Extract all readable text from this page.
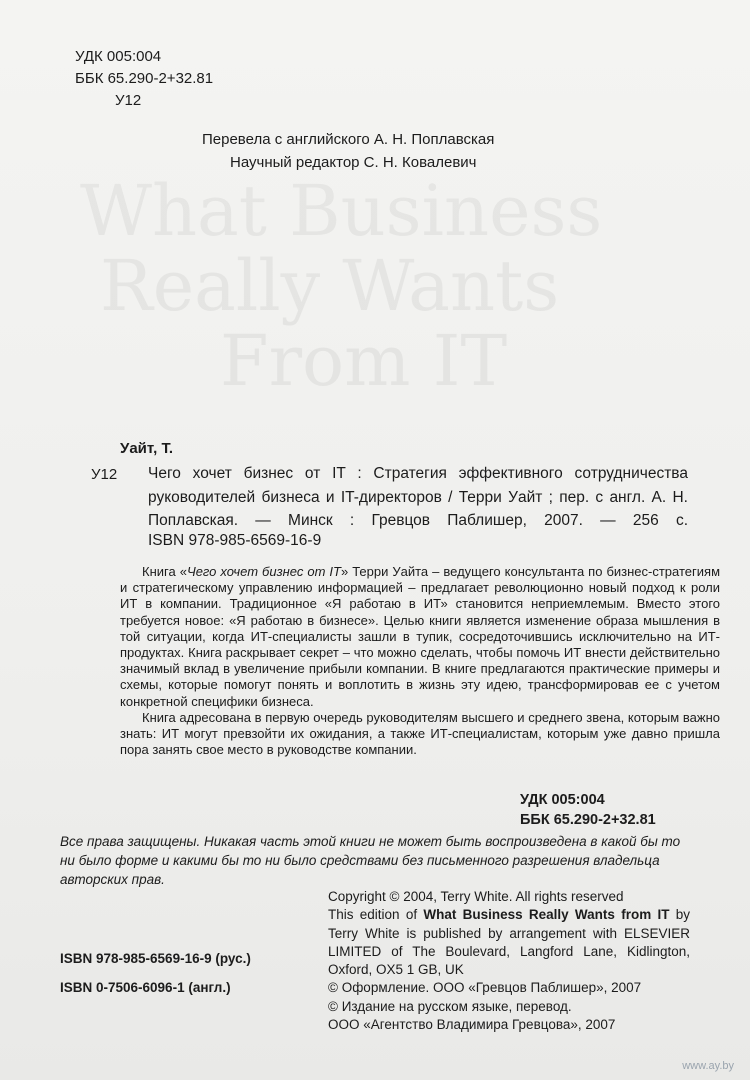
What Business
Really Wants
From IT
УДК 005:004
ББК 65.290-2+32.81
У12
Перевела с английского А. Н. Поплавская
Научный редактор С. Н. Ковалевич
Уайт, Т.
У12 Чего хочет бизнес от IT : Стратегия эффективного сотрудничества руководителей бизнеса и IT-директоров / Терри Уайт ; пер. с англ. А. Н. Поплавская. — Минск : Гревцов Паблишер, 2007. — 256 с.
ISBN 978-985-6569-16-9

Книга «Чего хочет бизнес от IT» Терри Уайта – ведущего консультанта по бизнес-стратегиям и стратегическому управлению информацией – предлагает революционно новый подход к роли ИТ в компании. Традиционное «Я работаю в ИТ» становится неприемлемым. Вместо этого требуется новое: «Я работаю в бизнесе». Целью книги является изменение образа мышления в той ситуации, когда ИТ-специалисты зашли в тупик, сосредоточившись исключительно на ИТ-продуктах. Книга раскрывает секрет – что можно сделать, чтобы помочь ИТ внести действительно значимый вклад в увеличение прибыли компании. В книге предлагаются практические примеры и схемы, которые помогут понять и воплотить в жизнь эту идею, трансформировав ее с учетом конкретной специфики бизнеса.

Книга адресована в первую очередь руководителям высшего и среднего звена, которым важно знать: ИТ могут превзойти их ожидания, а также ИТ-специалистам, которым уже давно пришла пора занять свое место в руководстве компании.

УДК 005:004
ББК 65.290-2+32.81
Все права защищены. Никакая часть этой книги не может быть воспроизведена в какой бы то ни было форме и какими бы то ни было средствами без письменного разрешения владельца авторских прав.
ISBN 978-985-6569-16-9 (рус.)
ISBN 0-7506-6096-1 (англ.)
Copyright © 2004, Terry White. All rights reserved
This edition of What Business Really Wants from IT by Terry White is published by arrangement with ELSEVIER LIMITED of The Boulevard, Langford Lane, Kidlington, Oxford, OX5 1 GB, UK
© Оформление. ООО «Гревцов Паблишер», 2007
© Издание на русском языке, перевод.
ООО «Агентство Владимира Гревцова», 2007
www.ay.by
